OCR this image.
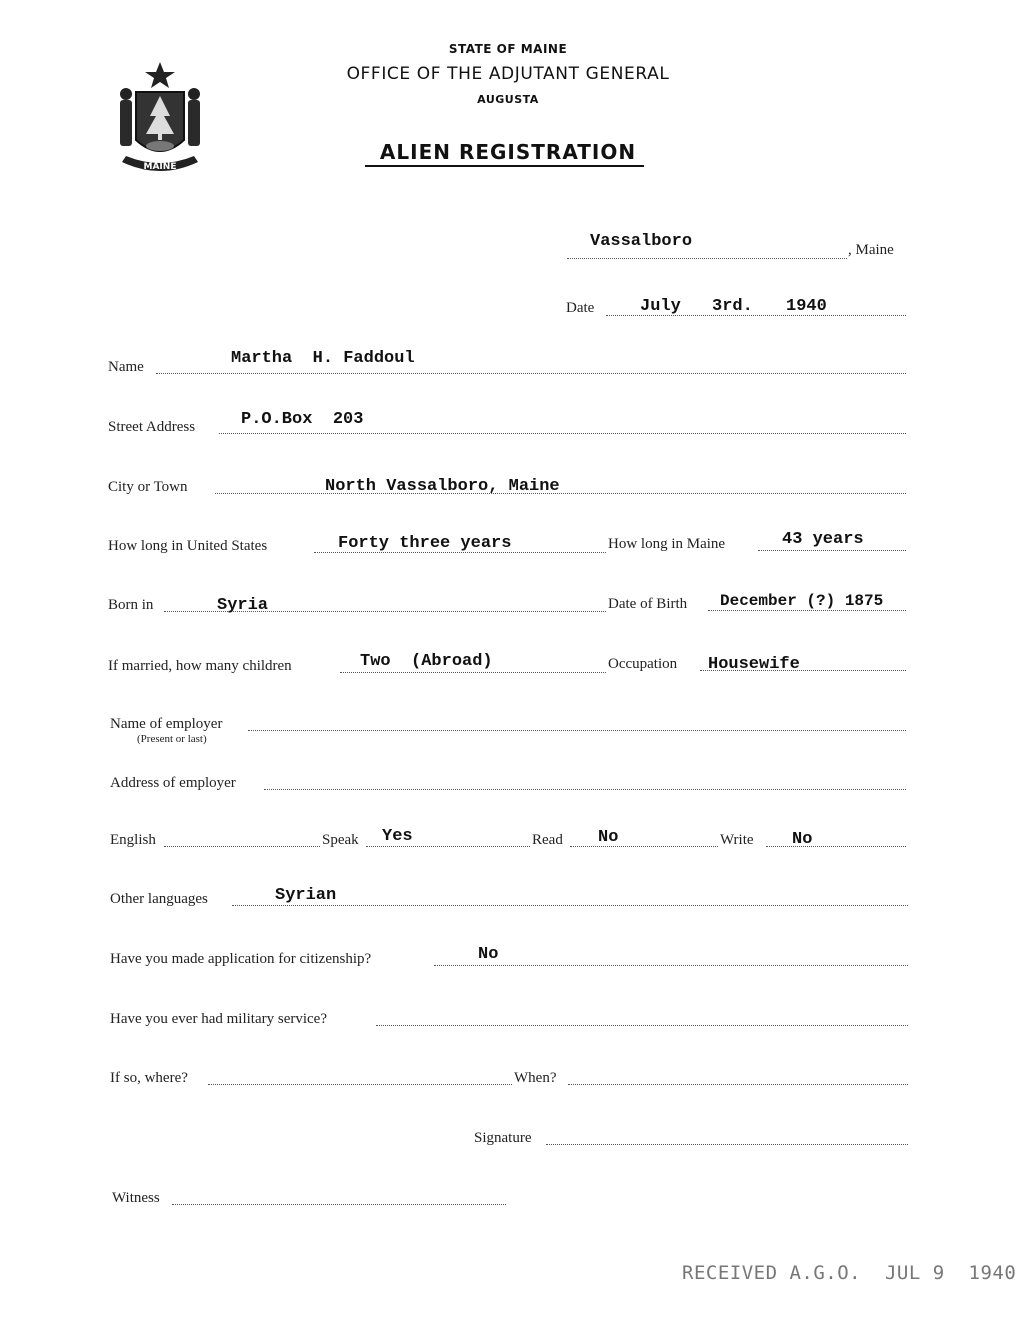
MAINE
STATE OF MAINE
OFFICE OF THE ADJUTANT GENERAL
AUGUSTA
ALIEN REGISTRATION
Vassalboro	, Maine
Date	July 3rd. 1940
Name	Martha  H. Faddoul
Street Address	P.O.Box  203
City or Town	North Vassalboro, Maine
How long in United States	Forty three years	How long in Maine	43 years
Born in	Syria	Date of Birth December (?) 1875
If married, how many children	Two  (Abroad)	Occupation Housewife
Name of employer
(Present or last)
Address of employer
English	Speak Yes	Read No	Write No
Other languages	Syrian
Have you made application for citizenship?	No
Have you ever had military service?
If so, where?	When?
Signature
Witness
RECEIVED A.G.O.  JUL 9  1940
